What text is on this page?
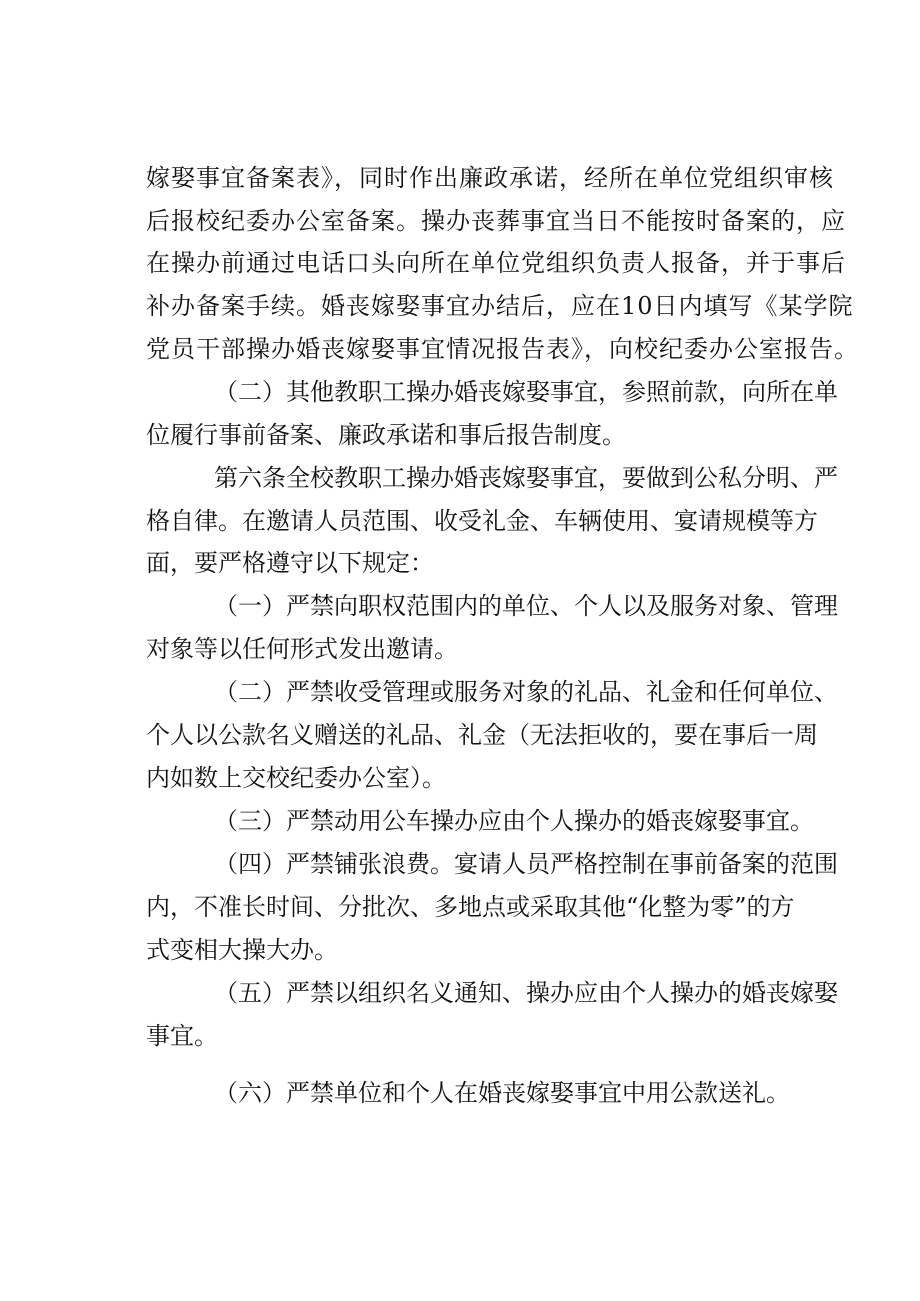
嫁娶事宜备案表》，同时作出廉政承诺，经所在单位党组织审核
后报校纪委办公室备案。操办丧葬事宜当日不能按时备案的，应
在操办前通过电话口头向所在单位党组织负责人报备，并于事后
补办备案手续。婚丧嫁娶事宜办结后，应在10日内填写《某学院
党员干部操办婚丧嫁娶事宜情况报告表》，向校纪委办公室报告。
（二）其他教职工操办婚丧嫁娶事宜，参照前款，向所在单
位履行事前备案、廉政承诺和事后报告制度。
第六条全校教职工操办婚丧嫁娶事宜，要做到公私分明、严
格自律。在邀请人员范围、收受礼金、车辆使用、宴请规模等方
面，要严格遵守以下规定：
（一）严禁向职权范围内的单位、个人以及服务对象、管理
对象等以任何形式发出邀请。
（二）严禁收受管理或服务对象的礼品、礼金和任何单位、
个人以公款名义赠送的礼品、礼金（无法拒收的，要在事后一周
内如数上交校纪委办公室）。
（三）严禁动用公车操办应由个人操办的婚丧嫁娶事宜。
（四）严禁铺张浪费。宴请人员严格控制在事前备案的范围
内，不准长时间、分批次、多地点或采取其他“化整为零”的方
式变相大操大办。
（五）严禁以组织名义通知、操办应由个人操办的婚丧嫁娶
事宜。
（六）严禁单位和个人在婚丧嫁娶事宜中用公款送礼。
